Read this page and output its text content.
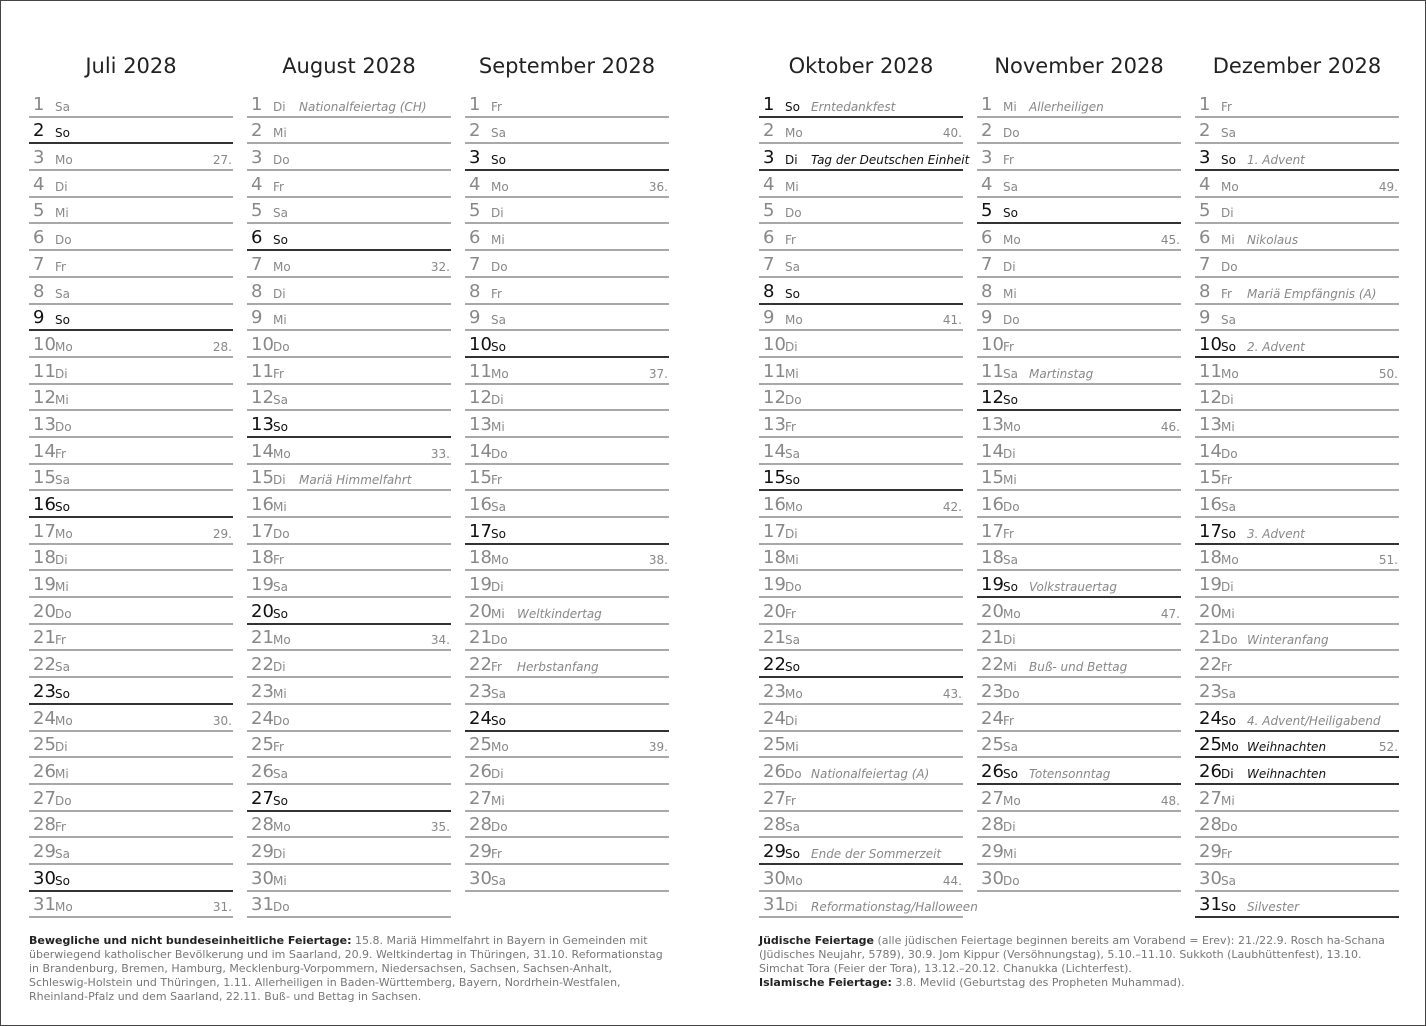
Juli 2028
1 Sa
2 So
3 Mo	27.
4 Di
5 Mi
6 Do
7 Fr
8 Sa
9 So
10 Mo	28.
11 Di
12 Mi
13 Do
14 Fr
15 Sa
16 So
17 Mo	29.
18 Di
19 Mi
20 Do
21 Fr
22 Sa
23 So
24 Mo	30.
25 Di
26 Mi
27 Do
28 Fr
29 Sa
30 So
31 Mo	31.
August 2028
1 Di Nationalfeiertag (CH)
2 Mi
3 Do
4 Fr
5 Sa
6 So
7 Mo	32.
8 Di
9 Mi
10 Do
11 Fr
12 Sa
13 So
14 Mo	33.
15 Di Mariä Himmelfahrt
16 Mi
17 Do
18 Fr
19 Sa
20 So
21 Mo	34.
22 Di
23 Mi
24 Do
25 Fr
26 Sa
27 So
28 Mo	35.
29 Di
30 Mi
31 Do
September 2028
1 Fr
2 Sa
3 So
4 Mo	36.
5 Di
6 Mi
7 Do
8 Fr
9 Sa
10 So
11 Mo	37.
12 Di
13 Mi
14 Do
15 Fr
16 Sa
17 So
18 Mo	38.
19 Di
20 Mi Weltkindertag
21 Do
22 Fr Herbstanfang
23 Sa
24 So
25 Mo	39.
26 Di
27 Mi
28 Do
29 Fr
30 Sa
Oktober 2028
1 So Erntedankfest
2 Mo	40.
3 Di Tag der Deutschen Einheit
4 Mi
5 Do
6 Fr
7 Sa
8 So
9 Mo	41.
10 Di
11 Mi
12 Do
13 Fr
14 Sa
15 So
16 Mo	42.
17 Di
18 Mi
19 Do
20 Fr
21 Sa
22 So
23 Mo	43.
24 Di
25 Mi
26 Do Nationalfeiertag (A)
27 Fr
28 Sa
29 So Ende der Sommerzeit
30 Mo	44.
31 Di Reformationstag/Halloween
November 2028
1 Mi Allerheiligen
2 Do
3 Fr
4 Sa
5 So
6 Mo	45.
7 Di
8 Mi
9 Do
10 Fr
11 Sa Martinstag
12 So
13 Mo	46.
14 Di
15 Mi
16 Do
17 Fr
18 Sa
19 So Volkstrauertag
20 Mo	47.
21 Di
22 Mi Buß- und Bettag
23 Do
24 Fr
25 Sa
26 So Totensonntag
27 Mo	48.
28 Di
29 Mi
30 Do
Dezember 2028
1 Fr
2 Sa
3 So 1. Advent
4 Mo	49.
5 Di
6 Mi Nikolaus
7 Do
8 Fr Mariä Empfängnis (A)
9 Sa
10 So 2. Advent
11 Mo	50.
12 Di
13 Mi
14 Do
15 Fr
16 Sa
17 So 3. Advent
18 Mo	51.
19 Di
20 Mi
21 Do Winteranfang
22 Fr
23 Sa
24 So 4. Advent/Heiligabend
25 Mo Weihnachten	52.
26 Di Weihnachten
27 Mi
28 Do
29 Fr
30 Sa
31 So Silvester
Bewegliche und nicht bundeseinheitliche Feiertage: 15.8. Mariä Himmelfahrt in Bayern in Gemeinden mit überwiegend katholischer Bevölkerung und im Saarland, 20.9. Weltkindertag in Thüringen, 31.10. Reformationstag in Brandenburg, Bremen, Hamburg, Mecklenburg-Vorpommern, Niedersachsen, Sachsen, Sachsen-Anhalt, Schleswig-Holstein und Thüringen, 1.11. Allerheiligen in Baden-Württemberg, Bayern, Nordrhein-Westfalen, Rheinland-Pfalz und dem Saarland, 22.11. Buß- und Bettag in Sachsen.
Jüdische Feiertage (alle jüdischen Feiertage beginnen bereits am Vorabend = Erev): 21./22.9. Rosch ha-Schana (Jüdisches Neujahr, 5789), 30.9. Jom Kippur (Versöhnungstag), 5.10.–11.10. Sukkoth (Laubhüttenfest), 13.10. Simchat Tora (Feier der Tora), 13.12.–20.12. Chanukka (Lichterfest).
Islamische Feiertage: 3.8. Mevlid (Geburtstag des Propheten Muhammad).
